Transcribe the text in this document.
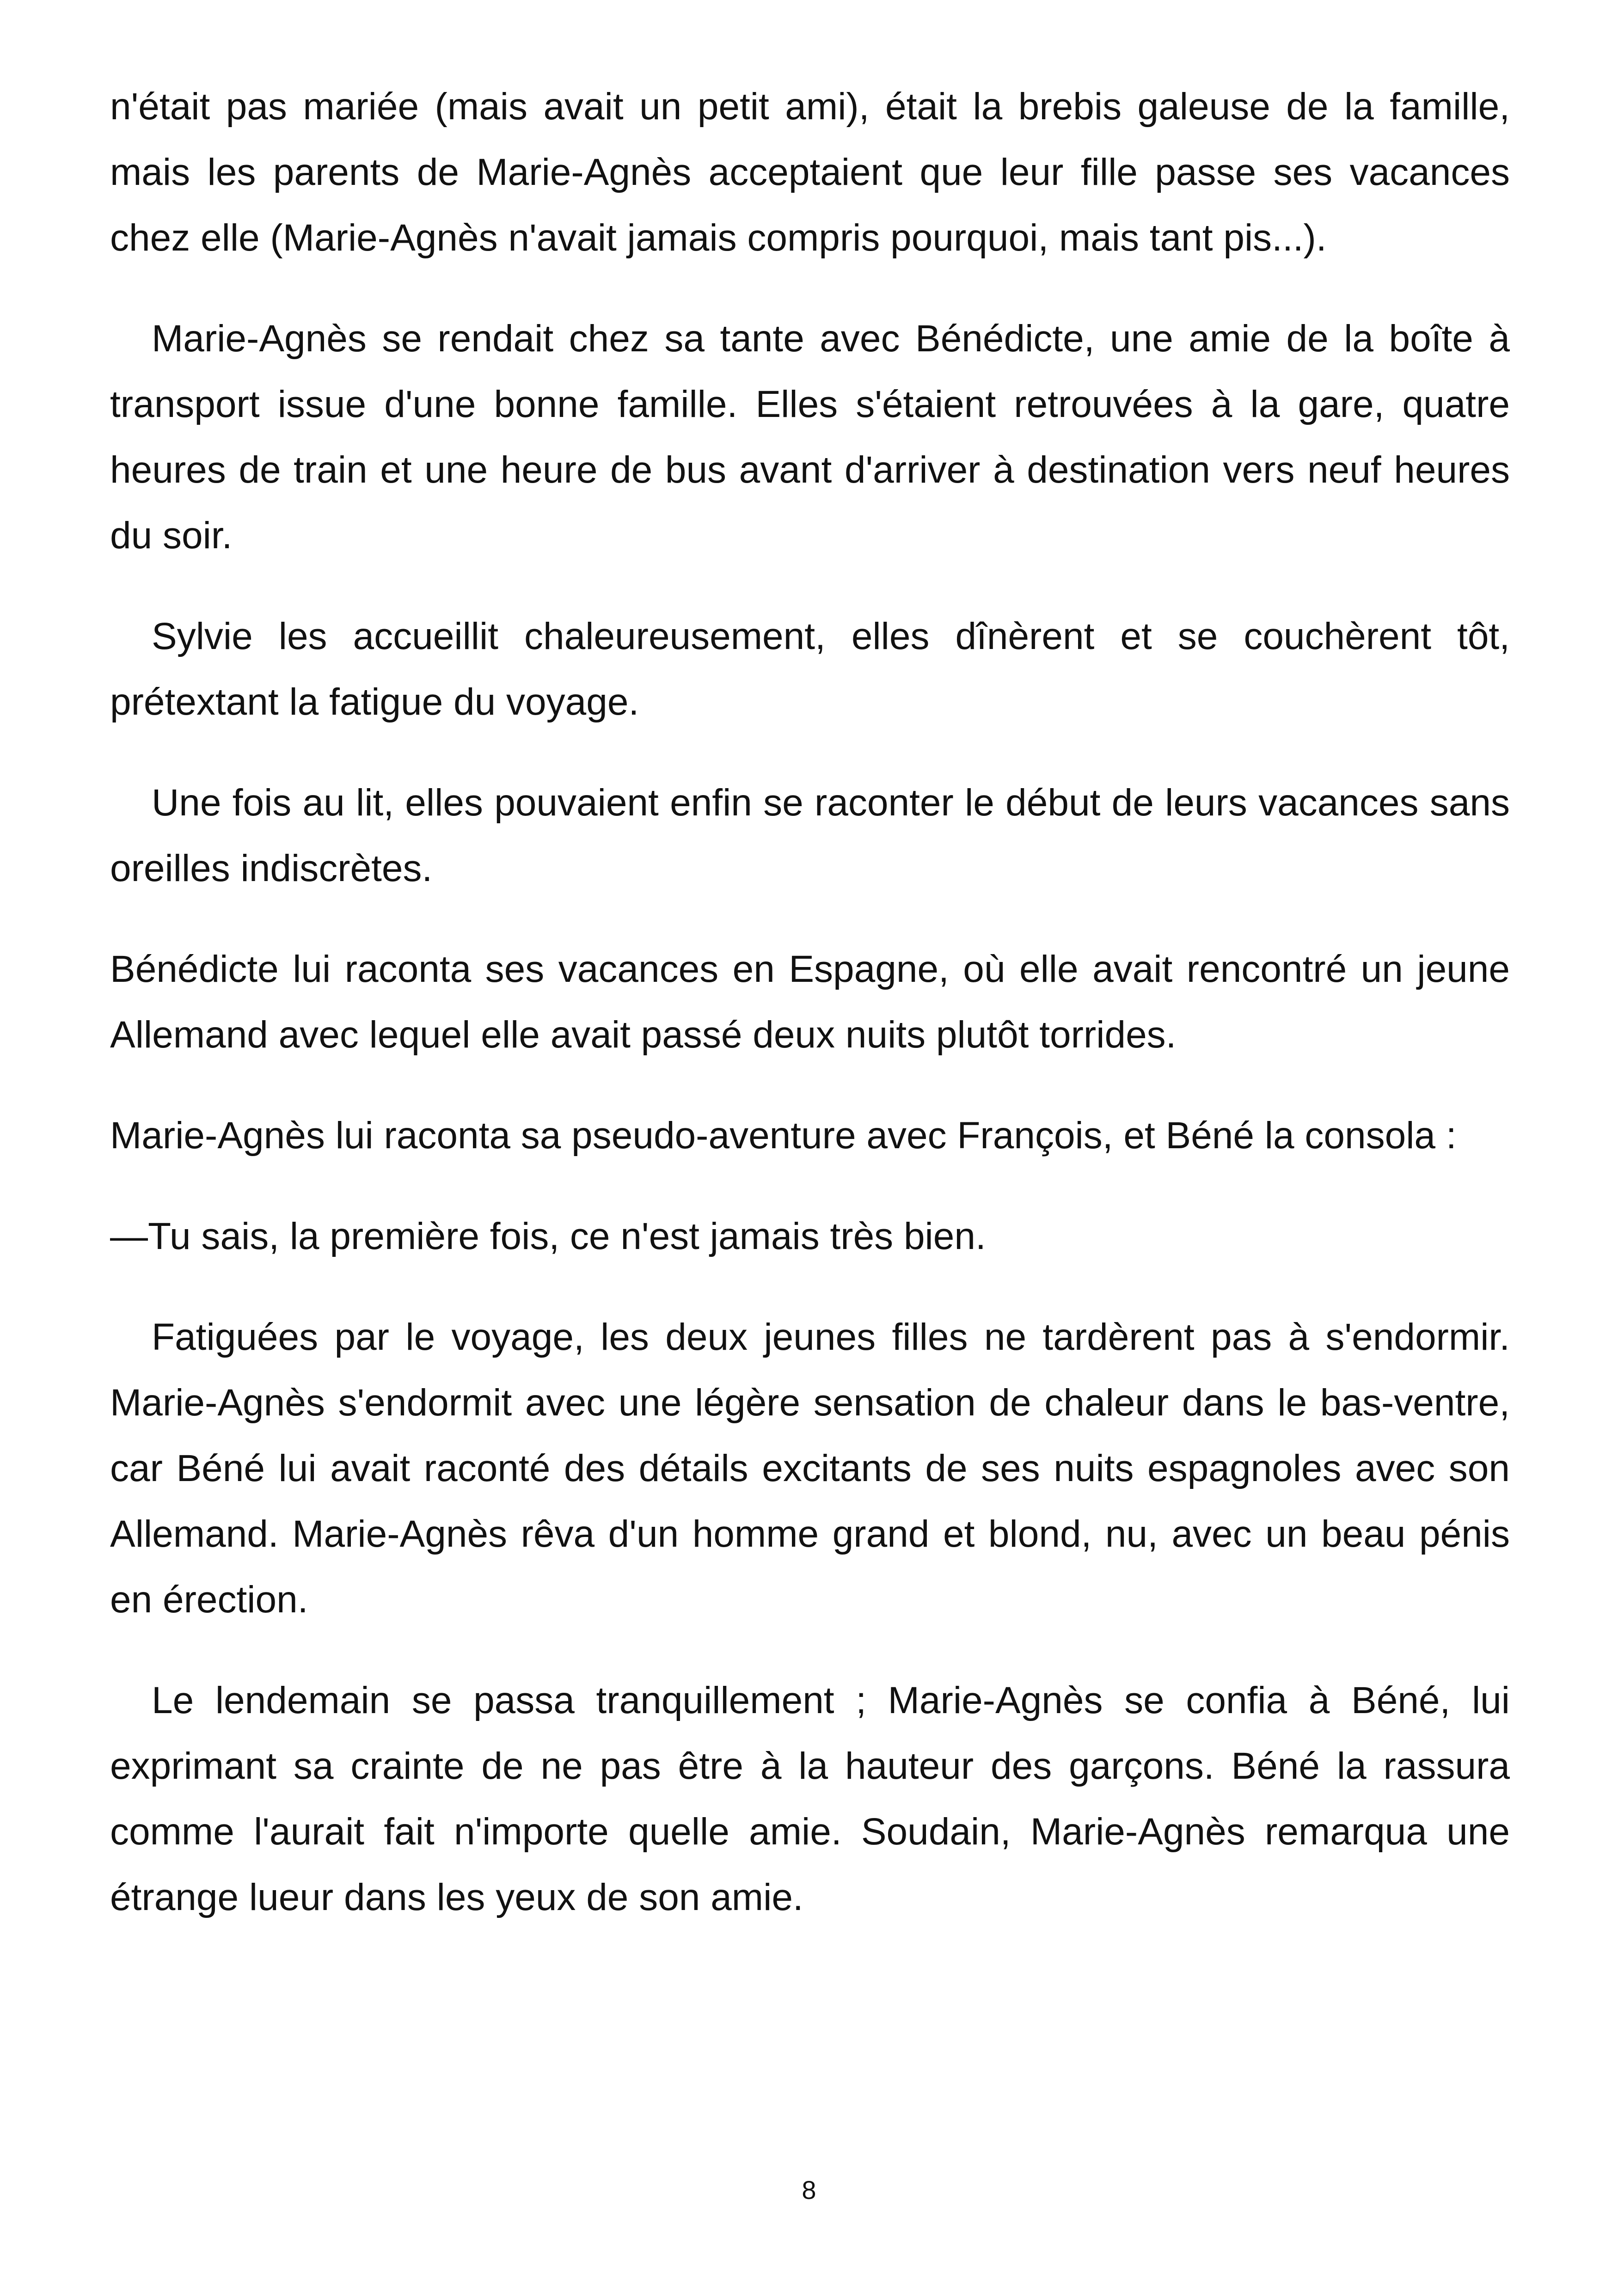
n'était pas mariée (mais avait un petit ami), était la brebis galeuse de la famille, mais les parents de Marie-Agnès acceptaient que leur fille passe ses vacances chez elle (Marie-Agnès n'avait jamais compris pourquoi, mais tant pis...).

Marie-Agnès se rendait chez sa tante avec Bénédicte, une amie de la boîte à transport issue d'une bonne famille. Elles s'étaient retrouvées à la gare, quatre heures de train et une heure de bus avant d'arriver à destination vers neuf heures du soir.

Sylvie les accueillit chaleureusement, elles dînèrent et se couchèrent tôt, prétextant la fatigue du voyage.

Une fois au lit, elles pouvaient enfin se raconter le début de leurs vacances sans oreilles indiscrètes.

Bénédicte lui raconta ses vacances en Espagne, où elle avait rencontré un jeune Allemand avec lequel elle avait passé deux nuits plutôt torrides.

Marie-Agnès lui raconta sa pseudo-aventure avec François, et Béné la consola :

—Tu sais, la première fois, ce n'est jamais très bien.

Fatiguées par le voyage, les deux jeunes filles ne tardèrent pas à s'endormir. Marie-Agnès s'endormit avec une légère sensation de chaleur dans le bas-ventre, car Béné lui avait raconté des détails excitants de ses nuits espagnoles avec son Allemand. Marie-Agnès rêva d'un homme grand et blond, nu, avec un beau pénis en érection.

Le lendemain se passa tranquillement ; Marie-Agnès se confia à Béné, lui exprimant sa crainte de ne pas être à la hauteur des garçons. Béné la rassura comme l'aurait fait n'importe quelle amie. Soudain, Marie-Agnès remarqua une étrange lueur dans les yeux de son amie.

8
